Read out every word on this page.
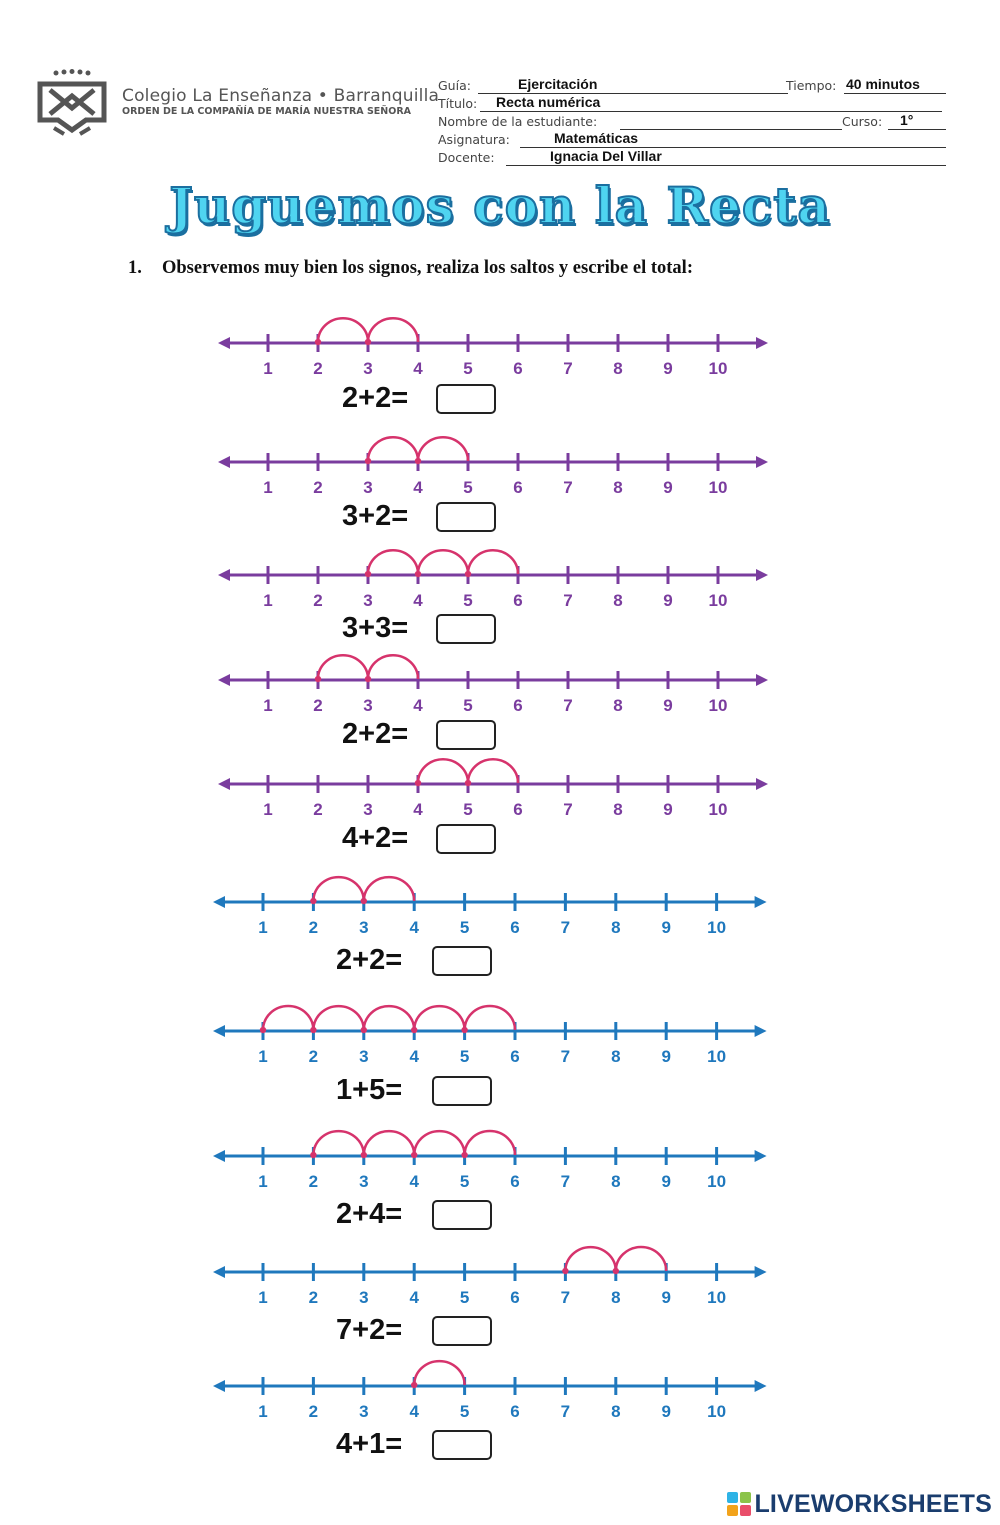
Colegio La Enseñanza • Barranquilla
ORDEN DE LA COMPAÑÍA DE MARÍA NUESTRA SEÑORA
Guía:	Ejercitación	Tiempo: 40 minutos
Título: Recta numérica
Nombre de la estudiante:	Curso: 1°
Asignatura:	Matemáticas
Docente:	Ignacia Del Villar
Juguemos con la Recta
1. Observemos muy bien los signos, realiza los saltos y escribe el total:
1 2 3 4 5 6 7 8 9 10
1 2 3 4 5 6 7 8 9 10
1 2 3 4 5 6 7 8 9 10
1 2 3 4 5 6 7 8 9 10
1 2 3 4 5 6 7 8 9 10
1 2 3 4 5 6 7 8 9 10
1 2 3 4 5 6 7 8 9 10
1 2 3 4 5 6 7 8 9 10
1 2 3 4 5 6 7 8 9 10
1 2 3 4 5 6 7 8 9 10
2+2=
3+2=
3+3=
2+2=
4+2=
2+2=
1+5=
2+4=
7+2=
4+1=
LIVEWORKSHEETS
